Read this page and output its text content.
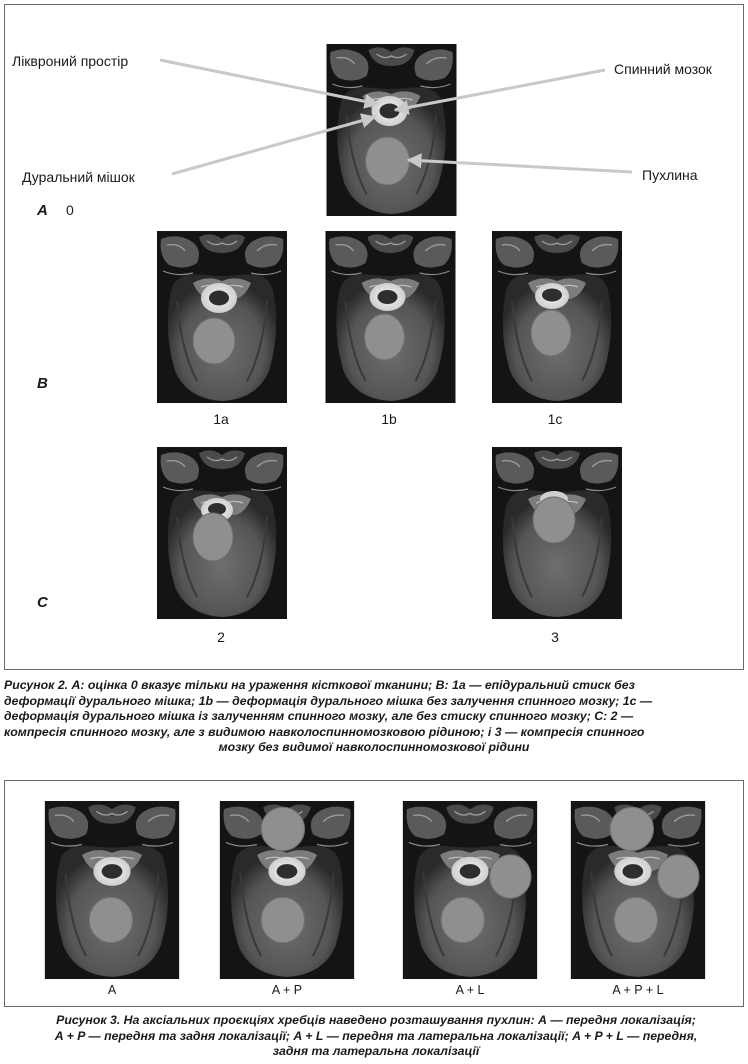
Ліквроний простір	Спинний мозок
Дуральний мішок	Пухлина
A
B
C
0
1a	1b	1c
2	3
Рисунок 2. А: оцінка 0 вказує тільки на ураження кісткової тканини; В: 1а — епідуральний стиск без
деформації дурального мішка; 1b — деформація дурального мішка без залучення спинного мозку; 1с —
деформація дурального мішка із залученням спинного мозку, але без стиску спинного мозку; С: 2 —
компресія спинного мозку, але з видимою навколоспинномозковою рідиною; і 3 — компресія спинного
мозку без видимої навколоспинномозкової рідини
A	A + P	A + L	A + P + L
Рисунок 3. На аксіальних проєкціях хребців наведено розташування пухлин: А — передня локалізація;
A + P — передня та задня локалізації; A + L — передня та латеральна локалізації; A + P + L — передня,
задня та латеральна локалізації
